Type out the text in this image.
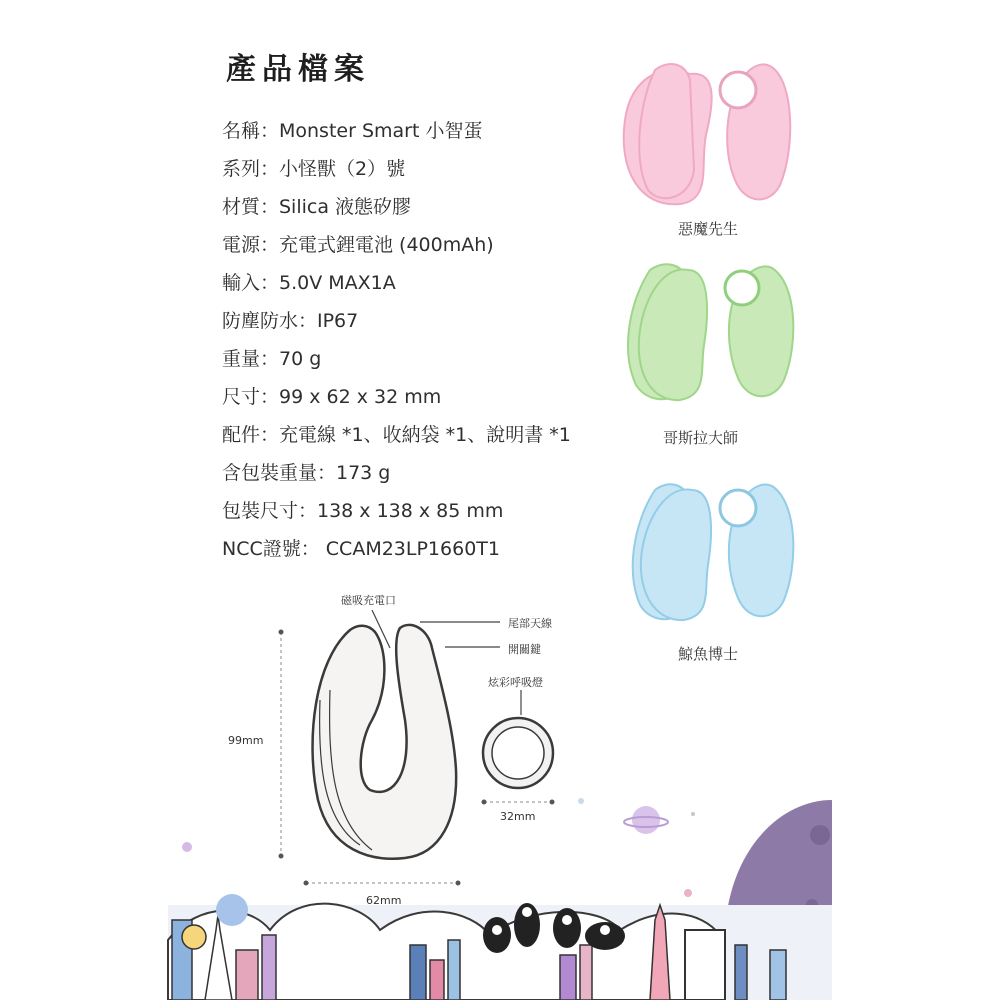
產品檔案
名稱：Monster Smart 小智蛋
系列：小怪獸（2）號
材質：Silica 液態矽膠
電源：充電式鋰電池 (400mAh)
輸入：5.0V MAX1A
防塵防水：IP67
重量：70 g
尺寸：99 x 62 x 32 mm
配件：充電線 *1、收納袋 *1、說明書 *1
含包裝重量：173 g
包裝尺寸：138 x 138 x 85 mm
NCC證號： CCAM23LP1660T1
惡魔先生
哥斯拉大師
鯨魚博士
磁吸充電口
尾部天線
開關鍵
炫彩呼吸燈
99mm
62mm
32mm
